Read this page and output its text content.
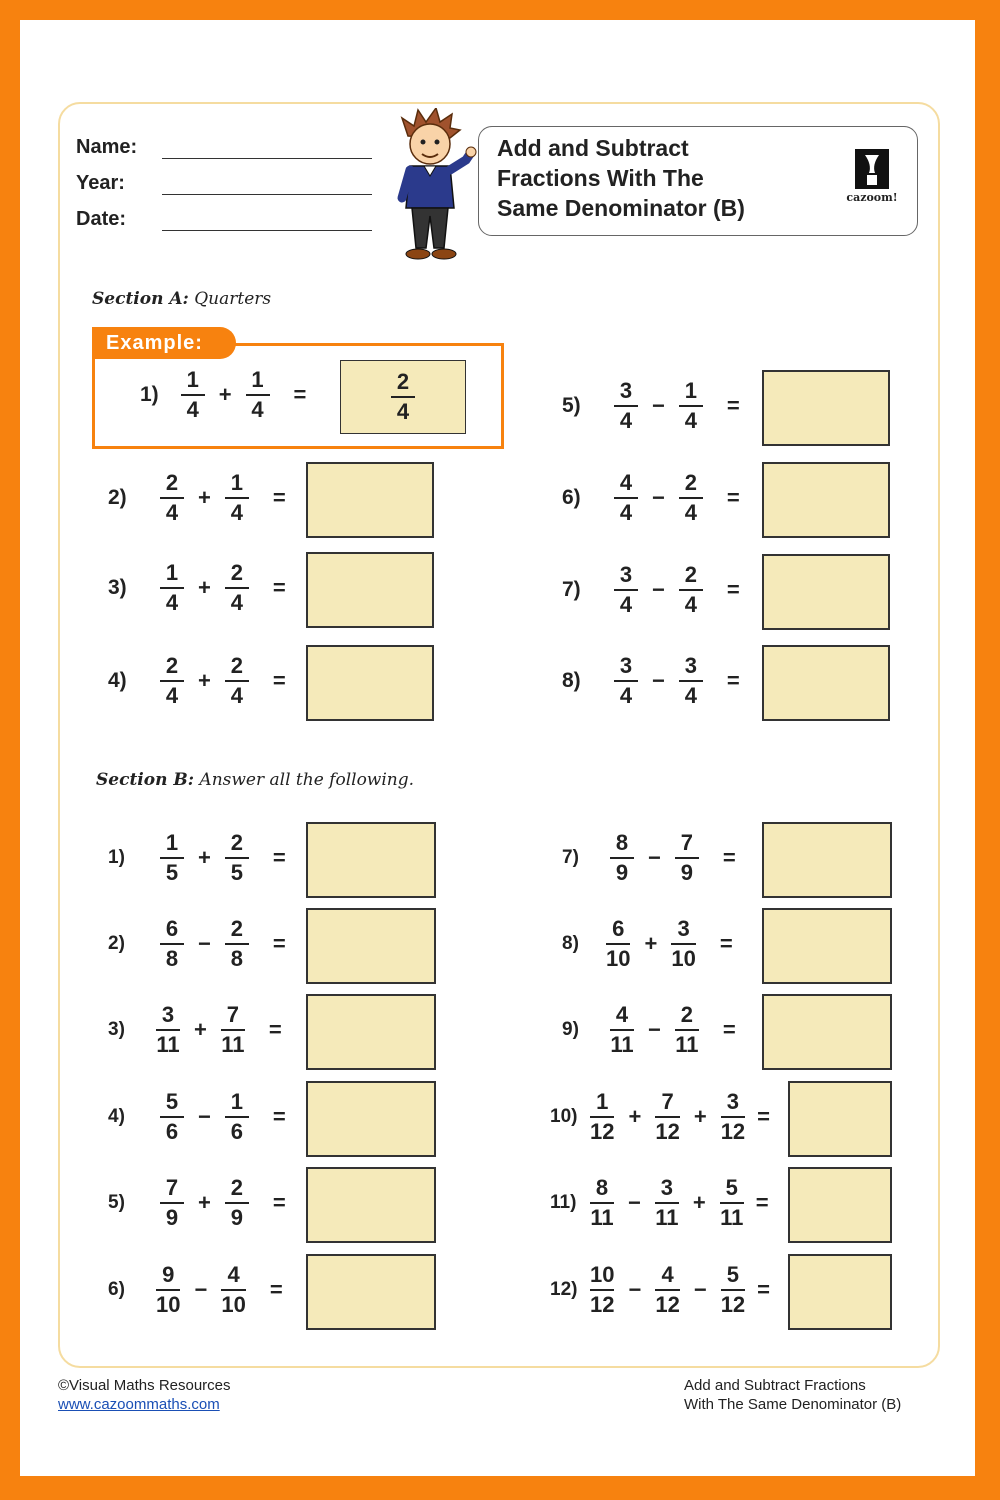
Name:
Year:
Date:
Add and Subtract
Fractions With The
Same Denominator (B)	cazoom!
Section A: Quarters
Example:
$1) \frac{1}{4} + \frac{1}{4}$ =	$\frac{2}{4}$
2)	$\frac{2}{4} + \frac{1}{4}$ =
3)	$\frac{1}{4} + \frac{2}{4}$ =
4)	$\frac{2}{4} + \frac{2}{4}$ =
5)	$\frac{3}{4} - \frac{1}{4}$ =
6)	$\frac{4}{4} - \frac{2}{4}$ =
7)	$\frac{3}{4} - \frac{2}{4}$ =
8)	$\frac{3}{4} - \frac{3}{4}$ =
Section B: Answer all the following.
1)	$\frac{1}{5} + \frac{2}{5}$ =
2)	$\frac{6}{8} - \frac{2}{8}$ =
3)	$\frac{3}{11} + \frac{7}{11}$ =
4)	$\frac{5}{6} - \frac{1}{6}$ =
5)	$\frac{7}{9} + \frac{2}{9}$ =
6)	$\frac{9}{10} - \frac{4}{10}$ =
7)	$\frac{8}{9} - \frac{7}{9}$ =
8)	$\frac{6}{10} + \frac{3}{10}$ =
9)	$\frac{4}{11} - \frac{2}{11}$ =
$10) \frac{1}{12} + \frac{7}{12} + \frac{3}{12}$ =
$11) \frac{8}{11} - \frac{3}{11} + \frac{5}{11}$ =
$12) \frac{10}{12} - \frac{4}{12} - \frac{5}{12}$ =
©Visual Maths Resources
www.cazoommaths.com
Add and Subtract Fractions
With The Same Denominator (B)
